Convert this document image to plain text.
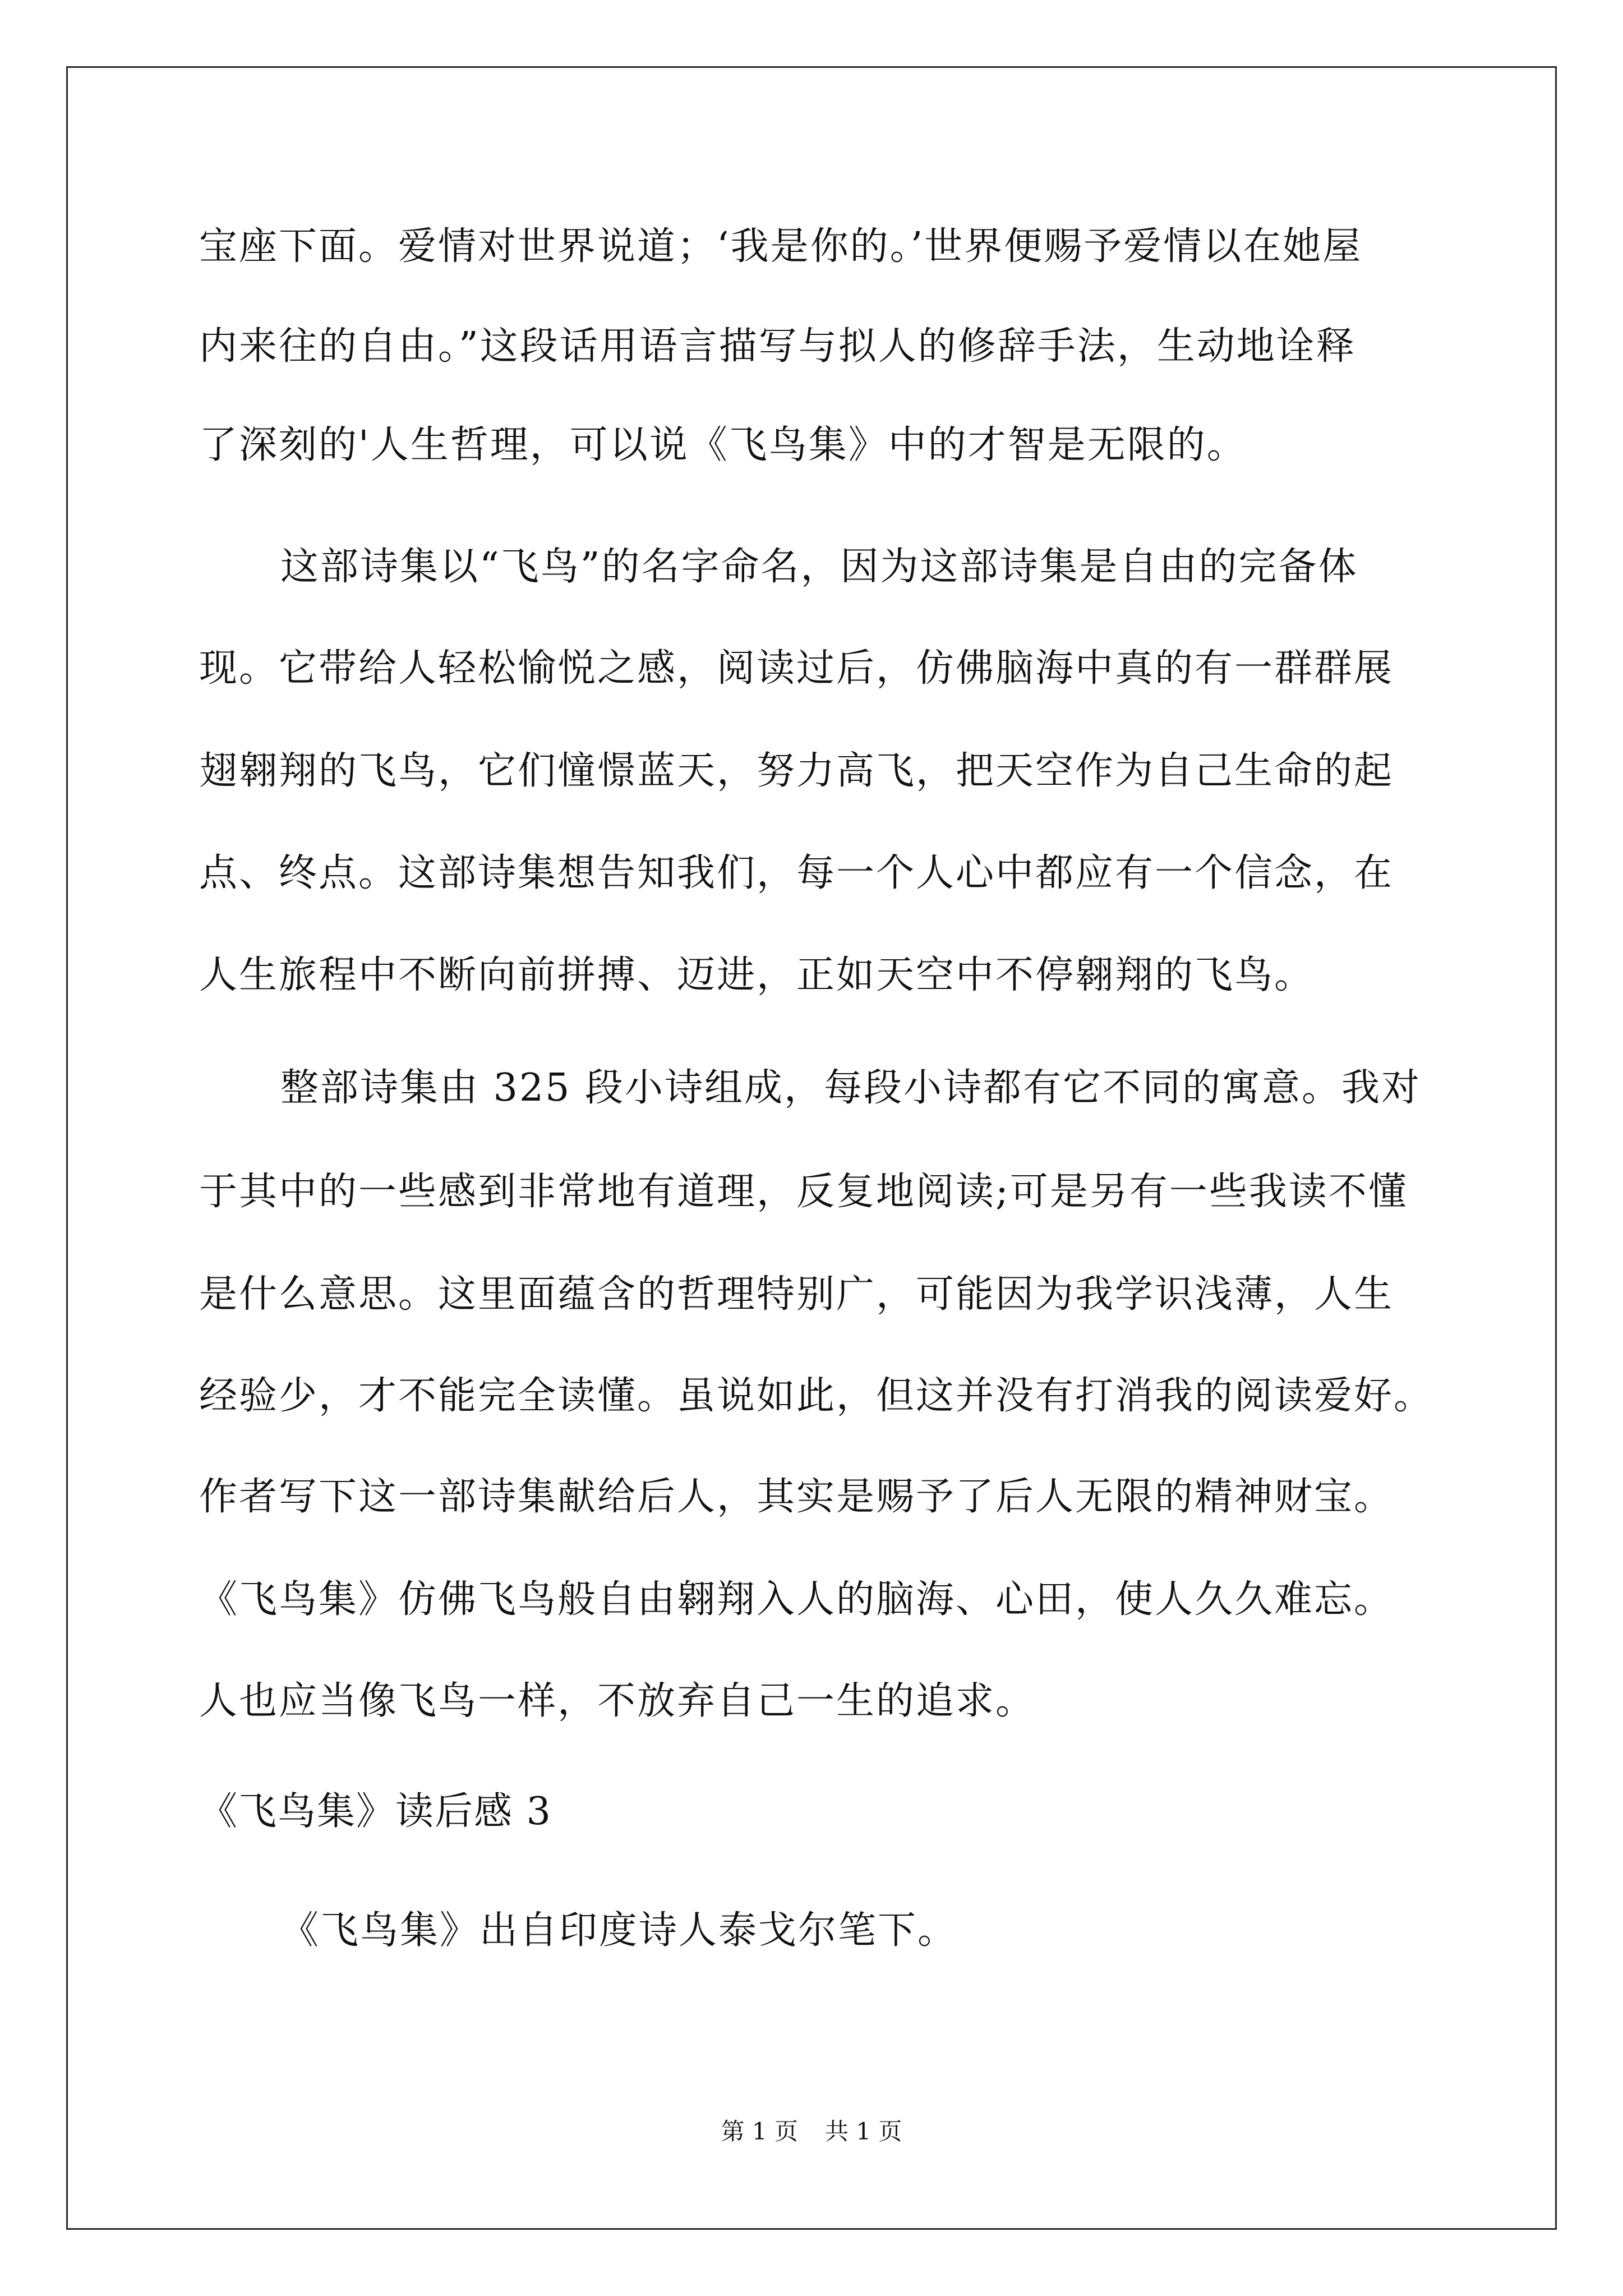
宝座下面。爱情对世界说道；‘我是你的。’世界便赐予爱情以在她屋
内来往的自由。”这段话用语言描写与拟人的修辞手法，生动地诠释
了深刻的'人生哲理，可以说《飞鸟集》中的才智是无限的。
这部诗集以“飞鸟”的名字命名，因为这部诗集是自由的完备体
现。它带给人轻松愉悦之感，阅读过后，仿佛脑海中真的有一群群展
翅翱翔的飞鸟，它们憧憬蓝天，努力高飞，把天空作为自己生命的起
点、终点。这部诗集想告知我们，每一个人心中都应有一个信念，在
人生旅程中不断向前拼搏、迈进，正如天空中不停翱翔的飞鸟。
整部诗集由 325 段小诗组成，每段小诗都有它不同的寓意。我对
于其中的一些感到非常地有道理，反复地阅读;可是另有一些我读不懂
是什么意思。这里面蕴含的哲理特别广，可能因为我学识浅薄，人生
经验少，才不能完全读懂。虽说如此，但这并没有打消我的阅读爱好。
作者写下这一部诗集献给后人，其实是赐予了后人无限的精神财宝。
《飞鸟集》仿佛飞鸟般自由翱翔入人的脑海、心田，使人久久难忘。
人也应当像飞鸟一样，不放弃自己一生的追求。
《飞鸟集》读后感 3
《飞鸟集》出自印度诗人泰戈尔笔下。
第 1 页 共 1 页
